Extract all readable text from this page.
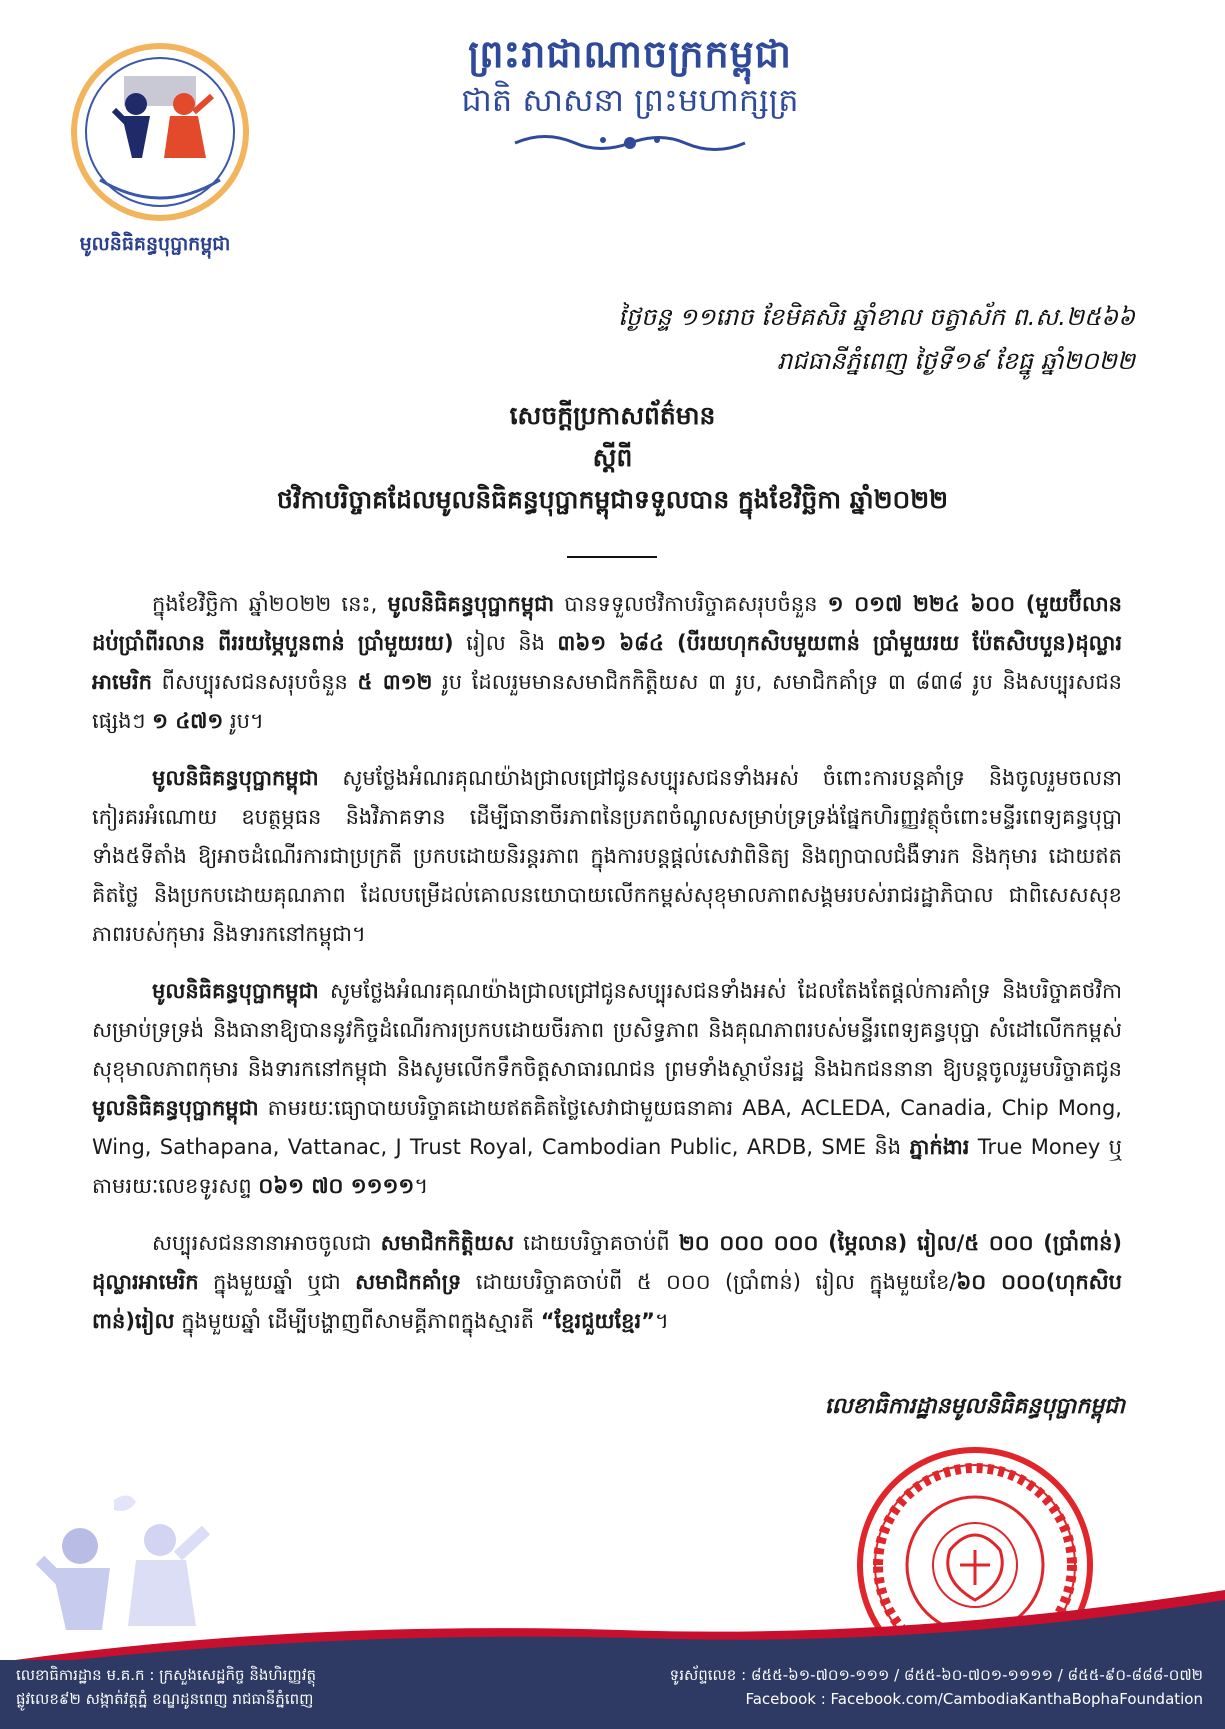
មូលនិធិគន្ធបុប្ផាកម្ពុជា
ព្រះរាជាណាចក្រកម្ពុជា
ជាតិ សាសនា ព្រះមហាក្សត្រ
ថ្ងៃចន្ទ ១១រោច ខែមិគសិរ ឆ្នាំខាល ចត្វាស័ក ព.ស.២៥៦៦
រាជធានីភ្នំពេញ ថ្ងៃទី១៩ ខែធ្នូ ឆ្នាំ២០២២
សេចក្ដីប្រកាសព័ត៌មាន
ស្ដីពី
ថវិកាបរិច្ចាគដែលមូលនិធិគន្ធបុប្ផាកម្ពុជាទទួលបាន ក្នុងខែវិច្ឆិកា ឆ្នាំ២០២២

ក្នុងខែវិច្ឆិកា ឆ្នាំ២០២២ នេះ, មូលនិធិគន្ធបុប្ផាកម្ពុជា បានទទួលថវិកាបរិច្ចាគសរុបចំនួន ១ ០១៧ ២២៤ ៦០០ (មួយប៊ីលាន ដប់ប្រាំពីរលាន ពីររយម្ភៃបួនពាន់ ប្រាំមួយរយ) រៀល និង ៣៦១ ៦៨៤ (បីរយហុកសិបមួយពាន់ ប្រាំមួយរយ ប៉ែតសិបបួន)ដុល្លារអាមេរិក ពីសប្បុរសជនសរុបចំនួន ៥ ៣១២ រូប ដែលរួមមានសមាជិកកិត្តិយស ៣ រូប, សមាជិកគាំទ្រ ៣ ៨៣៨ រូប និងសប្បុរសជនផ្សេងៗ ១ ៤៧១ រូប។

មូលនិធិគន្ធបុប្ផាកម្ពុជា សូមថ្លែងអំណរគុណយ៉ាងជ្រាលជ្រៅជូនសប្បុរសជនទាំងអស់ ចំពោះការបន្តគាំទ្រ និងចូលរួមចលនាកៀរគរអំណោយ ឧបត្ថម្ភធន និងវិភាគទាន ដើម្បីធានាចីរភាពនៃប្រភពចំណូលសម្រាប់ទ្រទ្រង់ផ្នែកហិរញ្ញវត្ថុចំពោះមន្ទីរពេទ្យគន្ធបុប្ផាទាំង៥ទីតាំង ឱ្យអាចដំណើរការជាប្រក្រតី ប្រកបដោយនិរន្តរភាព ក្នុងការបន្តផ្ដល់សេវាពិនិត្យ និងព្យាបាលជំងឺទារក និងកុមារ ដោយឥតគិតថ្លៃ និងប្រកបដោយគុណភាព ដែលបម្រើដល់គោលនយោបាយលើកកម្ពស់សុខុមាលភាពសង្គមរបស់រាជរដ្ឋាភិបាល ជាពិសេសសុខភាពរបស់កុមារ និងទារកនៅកម្ពុជា។

មូលនិធិគន្ធបុប្ផាកម្ពុជា សូមថ្លែងអំណរគុណយ៉ាងជ្រាលជ្រៅជូនសប្បុរសជនទាំងអស់ ដែលតែងតែផ្ដល់ការគាំទ្រ និងបរិច្ចាគថវិកាសម្រាប់ទ្រទ្រង់ និងធានាឱ្យបាននូវកិច្ចដំណើរការប្រកបដោយចីរភាព ប្រសិទ្ធភាព និងគុណភាពរបស់មន្ទីរពេទ្យគន្ធបុប្ផា សំដៅលើកកម្ពស់សុខុមាលភាពកុមារ និងទារកនៅកម្ពុជា និងសូមលើកទឹកចិត្តសាធារណជន ព្រមទាំងស្ថាប័នរដ្ឋ និងឯកជននានា ឱ្យបន្តចូលរួមបរិច្ចាគជូន មូលនិធិគន្ធបុប្ផាកម្ពុជា តាមរយៈធ្យោបាយបរិច្ចាគដោយឥតគិតថ្លៃសេវាជាមួយធនាគារ ABA, ACLEDA, Canadia, Chip Mong, Wing, Sathapana, Vattanac, J Trust Royal, Cambodian Public, ARDB, SME និង ភ្នាក់ងារ True Money ឬ តាមរយៈលេខទូរសព្ទ ០៦១ ៧០ ១១១១។

សប្បុរសជននានាអាចចូលជា សមាជិកកិត្តិយស ដោយបរិច្ចាគចាប់ពី ២០ ០០០ ០០០ (ម្ភៃលាន) រៀល/៥ ០០០ (ប្រាំពាន់) ដុល្លារអាមេរិក ក្នុងមួយឆ្នាំ ឬជា សមាជិកគាំទ្រ ដោយបរិច្ចាគចាប់ពី ៥ ០០០ (ប្រាំពាន់) រៀល ក្នុងមួយខែ/៦០ ០០០(ហុកសិបពាន់)រៀល ក្នុងមួយឆ្នាំ ដើម្បីបង្ហាញពីសាមគ្គីភាពក្នុងស្មារតី “ខ្មែរជួយខ្មែរ”។

លេខាធិការដ្ឋានមូលនិធិគន្ធបុប្ផាកម្ពុជា
លេខាធិការដ្ឋាន ម.គ.ក : ក្រសួងសេដ្ឋកិច្ច និងហិរញ្ញវត្ថុ
ផ្លូវលេខ៩២ សង្កាត់វត្តភ្នំ ខណ្ឌដូនពេញ រាជធានីភ្នំពេញ
ទូរស័ព្ទលេខ : ៨៥៥-៦១-៧០១-១១១ / ៨៥៥-៦០-៧០១-១១១១ / ៨៥៥-៩០-៨៨៨-០៧២
Facebook : Facebook.com/CambodiaKanthaBophaFoundation
